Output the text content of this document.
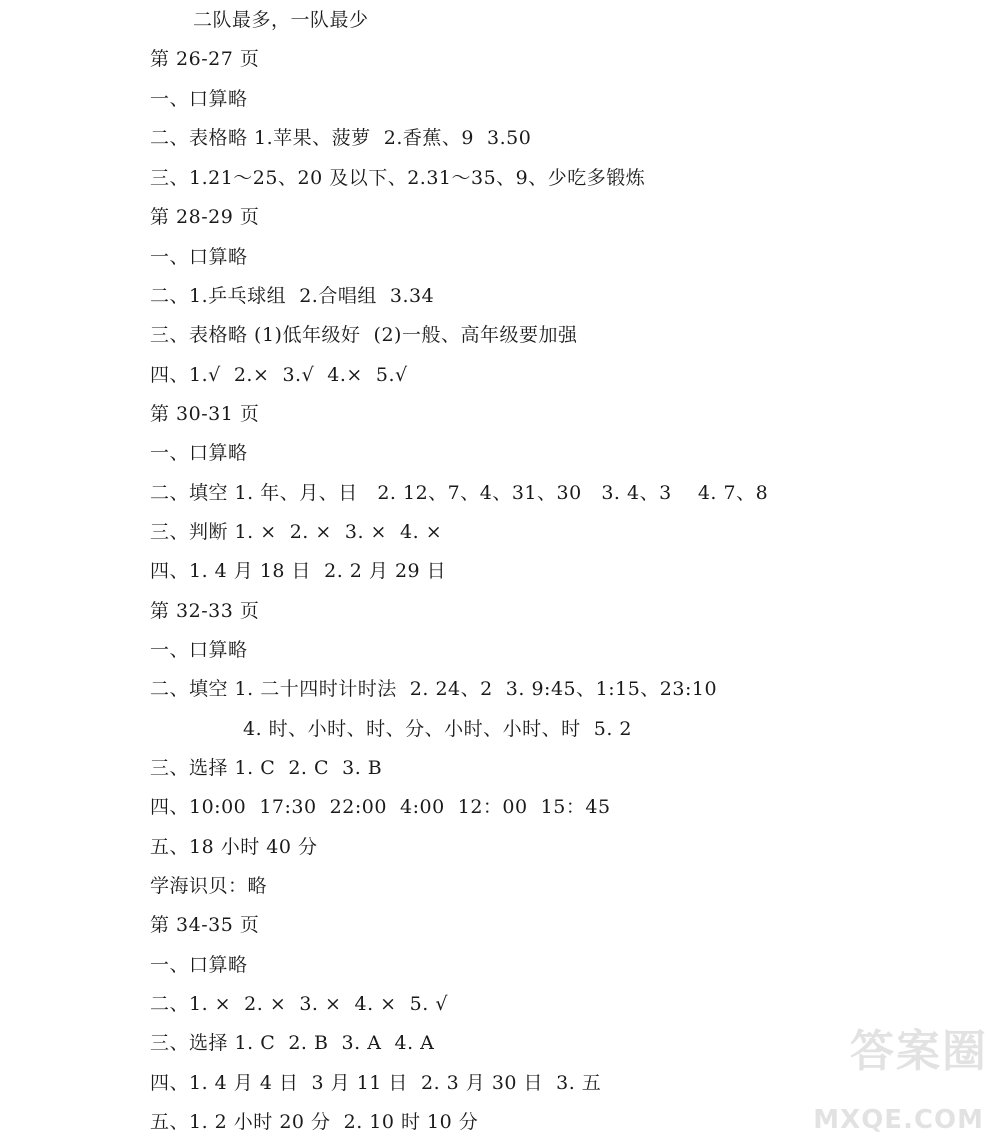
二队最多，一队最少
第 26-27 页
一、口算略
二、表格略 1.苹果、菠萝  2.香蕉、9  3.50
三、1.21～25、20 及以下、2.31～35、9、少吃多锻炼
第 28-29 页
一、口算略
二、1.乒乓球组  2.合唱组  3.34
三、表格略 (1)低年级好  (2)一般、高年级要加强
四、1.√  2.×  3.√  4.×  5.√
第 30-31 页
一、口算略
二、填空 1. 年、月、日   2. 12、7、4、31、30   3. 4、3    4. 7、8
三、判断 1. ×  2. ×  3. ×  4. ×
四、1. 4 月 18 日  2. 2 月 29 日
第 32-33 页
一、口算略
二、填空 1. 二十四时计时法  2. 24、2  3. 9:45、1:15、23:10
4. 时、小时、时、分、小时、小时、时  5. 2
三、选择 1. C  2. C  3. B
四、10:00  17:30  22:00  4:00  12：00  15：45
五、18 小时 40 分
学海识贝：略
第 34-35 页
一、口算略
二、1. ×  2. ×  3. ×  4. ×  5. √
三、选择 1. C  2. B  3. A  4. A
四、1. 4 月 4 日  3 月 11 日  2. 3 月 30 日  3. 五
五、1. 2 小时 20 分  2. 10 时 10 分
答案圈
MXQE.COM
